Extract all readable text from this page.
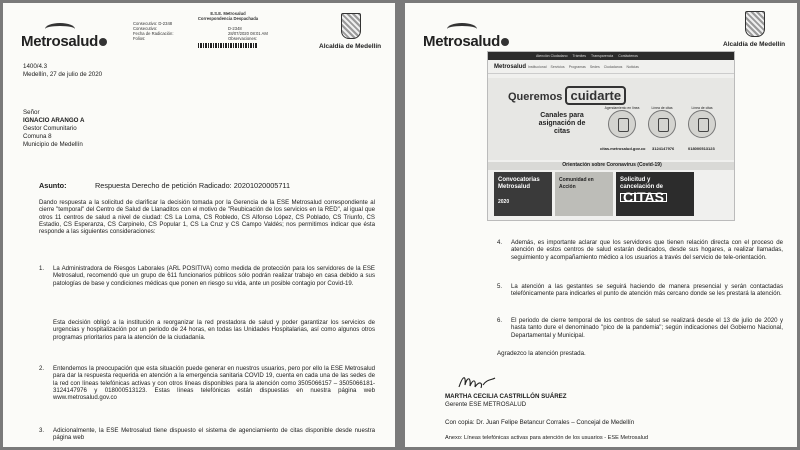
Metrosalud
E.S.E. Metrosalud
Correspondencia Despachada
Consecutivo: D-2348
Consecutivo:	D-2348
Fecha de Radicación:	28/07/2020 08:01 AM
Folios:	Observaciones:
Alcaldía de Medellín
1400/4.3
Medellín, 27 de julio de 2020
Señor
IGNACIO ARANGO A
Gestor Comunitario
Comuna 8
Municipio de Medellín
Asunto:	Respuesta Derecho de petición Radicado: 20201020005711
Dando respuesta a la solicitud de clarificar la decisión tomada por la Gerencia de la ESE Metrosalud correspondiente al cierre "temporal" del Centro de Salud de Llanaditos con el motivo de "Reubicación de los servicios en la RED", al igual que otros 11 centros de salud a nivel de ciudad: CS La Loma, CS Robledo, CS Alfonso López, CS Poblado, CS Triunfo, CS Estadio, CS Esperanza, CS Carpinelo, CS Popular 1, CS La Cruz y CS Campo Valdés; nos permitimos indicar que ésta responde a las siguientes consideraciones:
1.	La Administradora de Riesgos Laborales (ARL POSITIVA) como medida de protección para los servidores de la ESE Metrosalud, recomendó que un grupo de 611 funcionarios públicos sólo podrán realizar trabajo en casa debido a sus patologías de base y condiciones médicas que ponen en riesgo su vida, ante un posible contagio por Covid-19.
Esta decisión obligó a la institución a reorganizar la red prestadora de salud y poder garantizar los servicios de urgencias y hospitalización por un periodo de 24 horas, en todas las Unidades Hospitalarias, así como algunos otros programas prioritarios para la atención de la ciudadanía.
2.	Entendemos la preocupación que esta situación puede generar en nuestros usuarios, pero por ello la ESE Metrosalud para dar la respuesta requerida en atención a la emergencia sanitaria COVID 19, cuenta en cada una de las sedes de la red con líneas telefónicas activas y con otros líneas disponibles para la atención como 3505066157 – 3505066181- 3124147976 y 018000513123. Estas líneas telefónicas están dispuestas en nuestra página web www.metrosalud.gov.co
3.	Adicionalmente, la ESE Metrosalud tiene dispuesto el sistema de agenciamiento de citas disponible desde nuestra página web
Metrosalud	Alcaldía de Medellín
Atención Ciudadano Trámites Transparencia Contáctenos
Institucional Servicios Programas Sedes Ciudadanos Noticias
Metrosalud
Queremos cuidarte
Canales para asignación de citas
Agendamiento en línea	Línea de citas	Línea de citas
citas.metrosalud.gov.co 3124147976	018000513123
Orientación sobre Coronavirus (Covid-19)
Convocatorias Metrosalud
2020
Comunidad en Acción
Solicitud y
cancelación de
CITAS
4.	Además, es importante aclarar que los servidores que tienen relación directa con el proceso de atención de estos centros de salud estarán dedicados, desde sus hogares, a realizar llamadas, seguimiento y acompañamiento médico a los usuarios a través del servicio de tele-orientación.
5.	La atención a las gestantes se seguirá haciendo de manera presencial y serán contactadas telefónicamente para indicarles el punto de atención más cercano donde se les prestará la atención.
6.	El periodo de cierre temporal de los centros de salud se realizará desde el 13 de julio de 2020 y hasta tanto dure el denominado "pico de la pandemia"; según indicaciones del Gobierno Nacional, Departamental y Municipal.
Agradezco la atención prestada.
MARTHA CECILIA CASTRILLÓN SUÁREZ
Gerente ESE METROSALUD
Con copia: Dr. Juan Felipe Betancur Corrales – Concejal de Medellín
Anexo: Líneas telefónicas activas para atención de los usuarios - ESE Metrosalud
